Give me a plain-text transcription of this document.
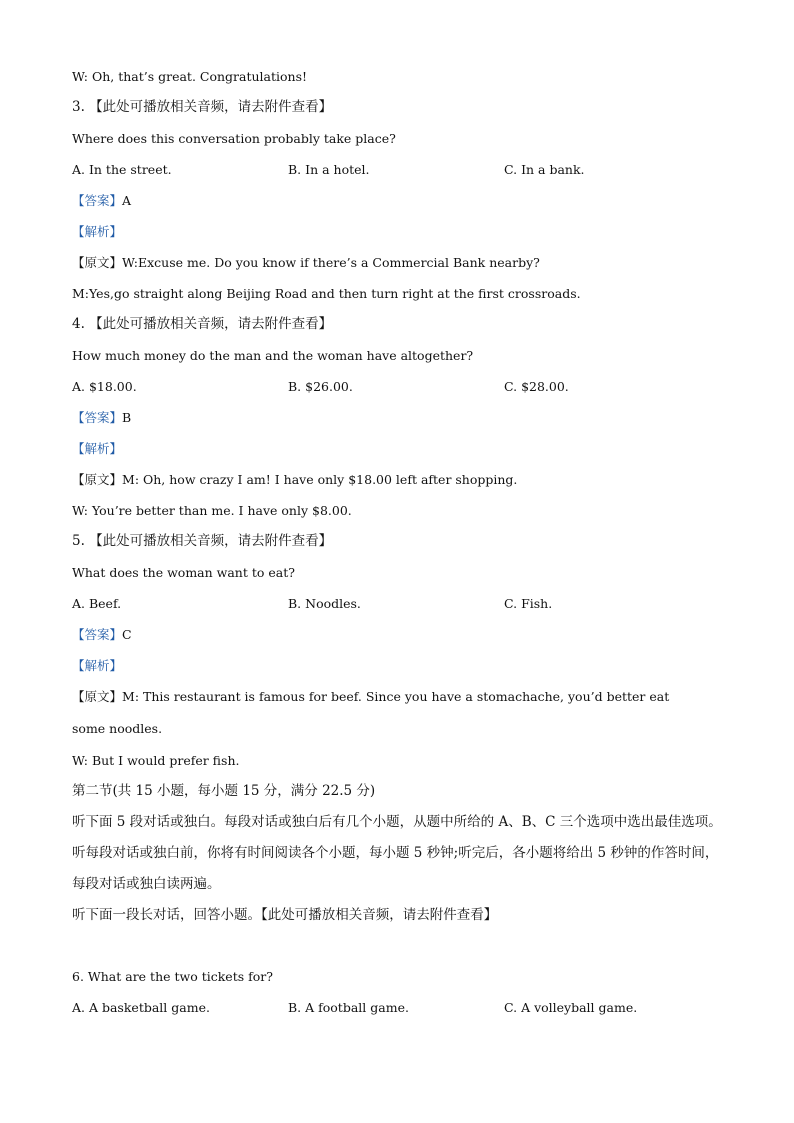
W: Oh, that’s great. Congratulations!
3. 【此处可播放相关音频，请去附件查看】
Where does this conversation probably take place?
A. In the street.	B. In a hotel.	C. In a bank.
【答案】A
【解析】
【原文】W:Excuse me. Do you know if there’s a Commercial Bank nearby?
M:Yes,go straight along Beijing Road and then turn right at the first crossroads.
4. 【此处可播放相关音频，请去附件查看】
How much money do the man and the woman have altogether?
A. $18.00.	B. $26.00.	C. $28.00.
【答案】B
【解析】
【原文】M: Oh, how crazy I am! I have only $18.00 left after shopping.
W: You’re better than me. I have only $8.00.
5. 【此处可播放相关音频，请去附件查看】
What does the woman want to eat?
A. Beef.	B. Noodles.	C. Fish.
【答案】C
【解析】
【原文】M: This restaurant is famous for beef. Since you have a stomachache, you’d better eat
some noodles.
W: But I would prefer fish.
第二节(共 15 小题，每小题 15 分，满分 22.5 分)
听下面 5 段对话或独白。每段对话或独白后有几个小题，从题中所给的 A、B、C 三个选项中选出最佳选项。
听每段对话或独白前，你将有时间阅读各个小题，每小题 5 秒钟;听完后，各小题将给出 5 秒钟的作答时间，
每段对话或独白读两遍。
听下面一段长对话，回答小题。【此处可播放相关音频，请去附件查看】
6. What are the two tickets for?
A. A basketball game.	B. A football game.	C. A volleyball game.
